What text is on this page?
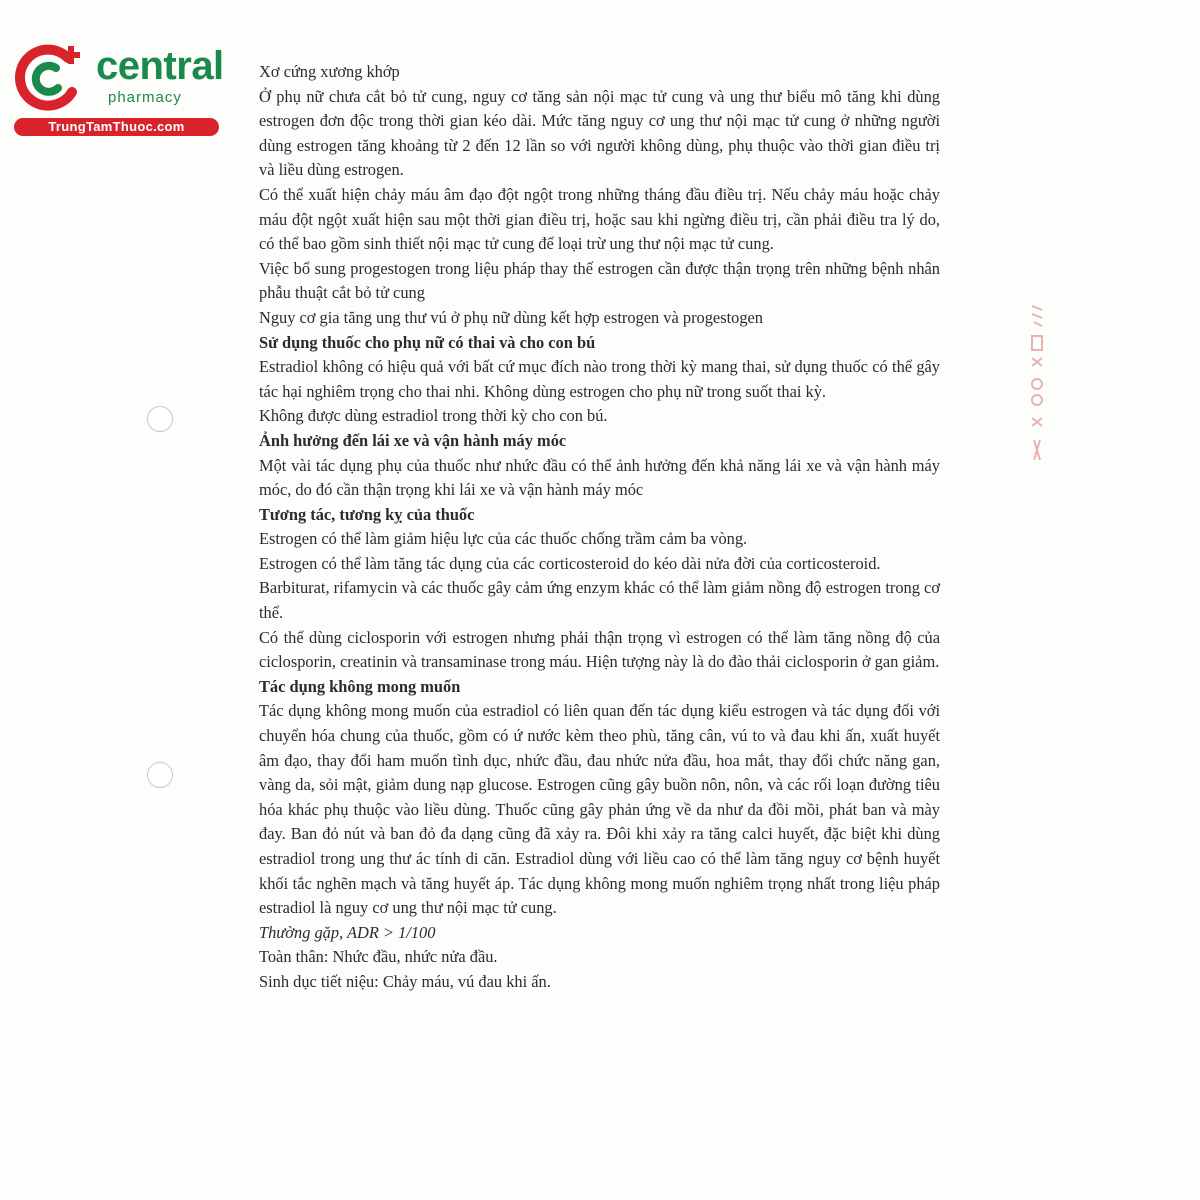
central
pharmacy
TrungTamThuoc.com

Xơ cứng xương khớp

Ở phụ nữ chưa cắt bỏ tử cung, nguy cơ tăng sản nội mạc tử cung và ung thư biểu mô tăng khi dùng estrogen đơn độc trong thời gian kéo dài. Mức tăng nguy cơ ung thư nội mạc tử cung ở những người dùng estrogen tăng khoảng từ 2 đến 12 lần so với người không dùng, phụ thuộc vào thời gian điều trị và liều dùng estrogen.

Có thể xuất hiện chảy máu âm đạo đột ngột trong những tháng đầu điều trị. Nếu chảy máu hoặc chảy máu đột ngột xuất hiện sau một thời gian điều trị, hoặc sau khi ngừng điều trị, cần phải điều tra lý do, có thể bao gồm sinh thiết nội mạc tử cung để loại trừ ung thư nội mạc tử cung.

Việc bổ sung progestogen trong liệu pháp thay thế estrogen cần được thận trọng trên những bệnh nhân phẫu thuật cắt bỏ tử cung

Nguy cơ gia tăng ung thư vú ở phụ nữ dùng kết hợp estrogen và progestogen

Sử dụng thuốc cho phụ nữ có thai và cho con bú

Estradiol không có hiệu quả với bất cứ mục đích nào trong thời kỳ mang thai, sử dụng thuốc có thể gây tác hại nghiêm trọng cho thai nhi. Không dùng estrogen cho phụ nữ trong suốt thai kỳ.

Không được dùng estradiol trong thời kỳ cho con bú.

Ảnh hưởng đến lái xe và vận hành máy móc

Một vài tác dụng phụ của thuốc như nhức đầu có thể ảnh hưởng đến khả năng lái xe và vận hành máy móc, do đó cần thận trọng khi lái xe và vận hành máy móc

Tương tác, tương kỵ của thuốc

Estrogen có thể làm giảm hiệu lực của các thuốc chống trầm cảm ba vòng.

Estrogen có thể làm tăng tác dụng của các corticosteroid do kéo dài nửa đời của corticosteroid.

Barbiturat, rifamycin và các thuốc gây cảm ứng enzym khác có thể làm giảm nồng độ estrogen trong cơ thể.

Có thể dùng ciclosporin với estrogen nhưng phải thận trọng vì estrogen có thể làm tăng nồng độ của ciclosporin, creatinin và transaminase trong máu. Hiện tượng này là do đào thải ciclosporin ở gan giảm.

Tác dụng không mong muốn

Tác dụng không mong muốn của estradiol có liên quan đến tác dụng kiểu estrogen và tác dụng đối với chuyển hóa chung của thuốc, gồm có ứ nước kèm theo phù, tăng cân, vú to và đau khi ấn, xuất huyết âm đạo, thay đổi ham muốn tình dục, nhức đầu, đau nhức nửa đầu, hoa mắt, thay đổi chức năng gan, vàng da, sỏi mật, giảm dung nạp glucose. Estrogen cũng gây buồn nôn, nôn, và các rối loạn đường tiêu hóa khác phụ thuộc vào liều dùng. Thuốc cũng gây phản ứng về da như da đồi mồi, phát ban và mày đay. Ban đỏ nút và ban đỏ đa dạng cũng đã xảy ra. Đôi khi xảy ra tăng calci huyết, đặc biệt khi dùng estradiol trong ung thư ác tính di căn. Estradiol dùng với liều cao có thể làm tăng nguy cơ bệnh huyết khối tắc nghẽn mạch và tăng huyết áp. Tác dụng không mong muốn nghiêm trọng nhất trong liệu pháp estradiol là nguy cơ ung thư nội mạc tử cung.

Thường gặp, ADR > 1/100

Toàn thân: Nhức đầu, nhức nửa đầu.

Sinh dục tiết niệu: Chảy máu, vú đau khi ấn.
